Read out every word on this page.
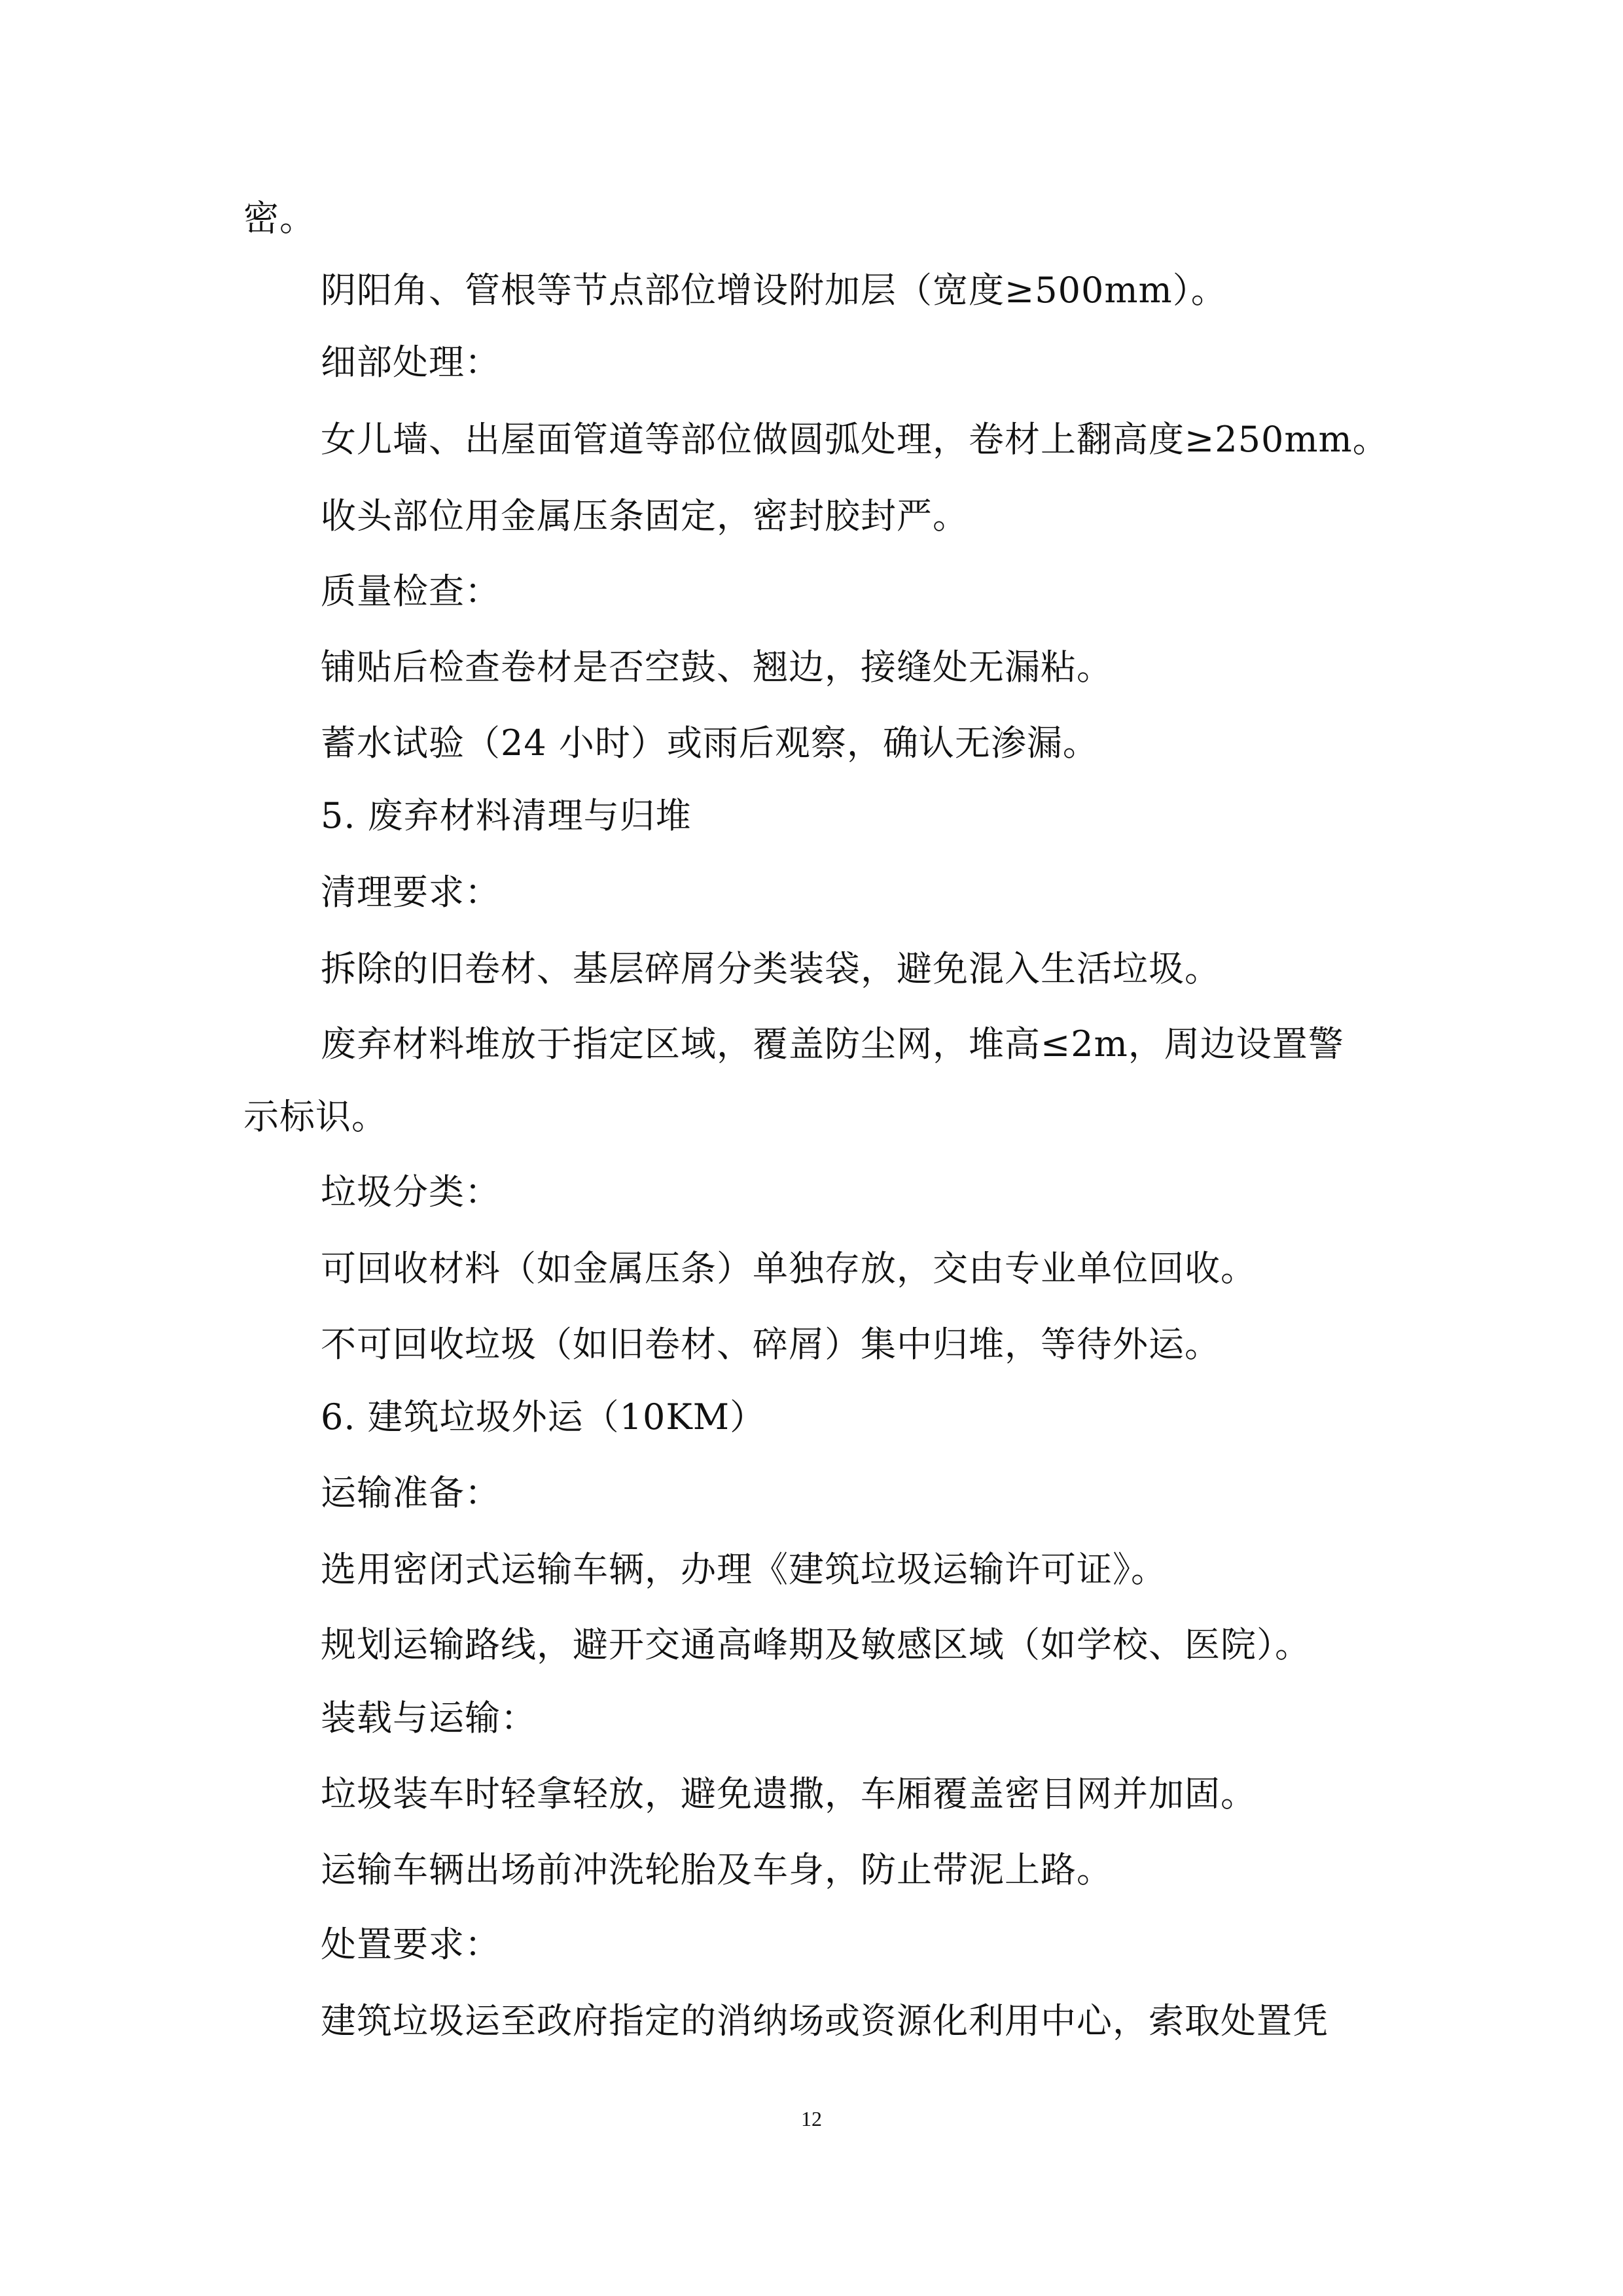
密。
阴阳角、管根等节点部位增设附加层（宽度≥500mm）。
细部处理：
女儿墙、出屋面管道等部位做圆弧处理，卷材上翻高度≥250mm。
收头部位用金属压条固定，密封胶封严。
质量检查：
铺贴后检查卷材是否空鼓、翘边，接缝处无漏粘。
蓄水试验（24 小时）或雨后观察，确认无渗漏。
5. 废弃材料清理与归堆
清理要求：
拆除的旧卷材、基层碎屑分类装袋，避免混入生活垃圾。
废弃材料堆放于指定区域，覆盖防尘网，堆高≤2m，周边设置警
示标识。
垃圾分类：
可回收材料（如金属压条）单独存放，交由专业单位回收。
不可回收垃圾（如旧卷材、碎屑）集中归堆，等待外运。
6. 建筑垃圾外运（10KM）
运输准备：
选用密闭式运输车辆，办理《建筑垃圾运输许可证》。
规划运输路线，避开交通高峰期及敏感区域（如学校、医院）。
装载与运输：
垃圾装车时轻拿轻放，避免遗撒，车厢覆盖密目网并加固。
运输车辆出场前冲洗轮胎及车身，防止带泥上路。
处置要求：
建筑垃圾运至政府指定的消纳场或资源化利用中心，索取处置凭
12
